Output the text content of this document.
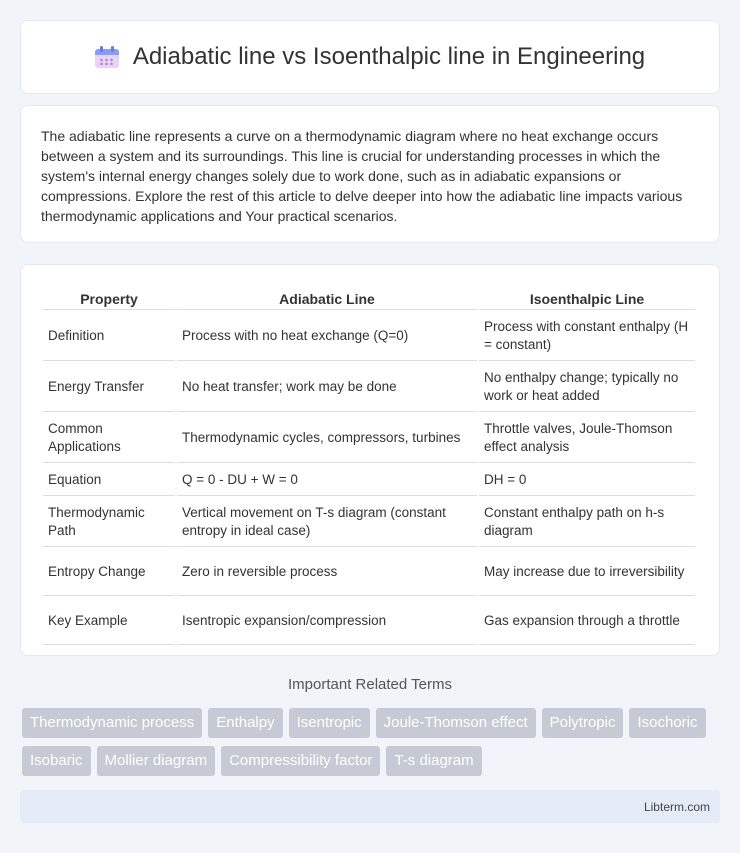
Adiabatic line vs Isoenthalpic line in Engineering

The adiabatic line represents a curve on a thermodynamic diagram where no heat exchange occurs between a system and its surroundings. This line is crucial for understanding processes in which the system's internal energy changes solely due to work done, such as in adiabatic expansions or compressions. Explore the rest of this article to delve deeper into how the adiabatic line impacts various thermodynamic applications and Your practical scenarios.

Property	Adiabatic Line	Isoenthalpic Line
Definition	Process with no heat exchange (Q=0)	Process with constant enthalpy (H = constant)
Energy Transfer	No heat transfer; work may be done	No enthalpy change; typically no work or heat added
Common Applications	Thermodynamic cycles, compressors, turbines	Throttle valves, Joule-Thomson effect analysis
Equation	Q = 0 - DU + W = 0	DH = 0
Thermodynamic Path	Vertical movement on T-s diagram (constant entropy in ideal case)	Constant enthalpy path on h-s diagram
Entropy Change	Zero in reversible process	May increase due to irreversibility
Key Example	Isentropic expansion/compression	Gas expansion through a throttle
Important Related Terms
Thermodynamic process	Enthalpy	Isentropic	Joule-Thomson effect	Polytropic	Isochoric
Isobaric	Mollier diagram	Compressibility factor	T-s diagram
Libterm.com
